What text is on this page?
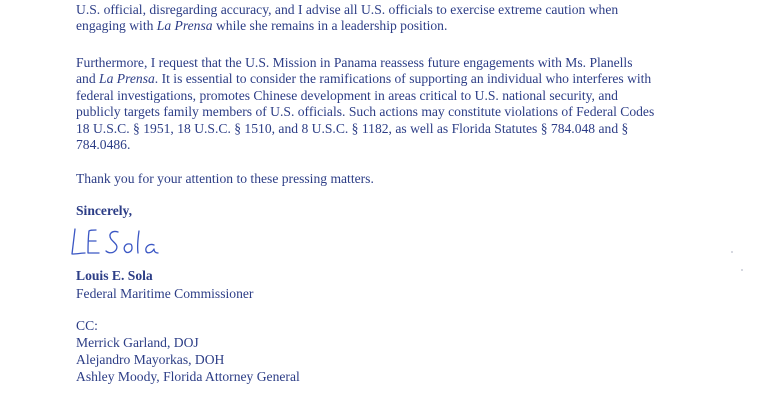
U.S. official, disregarding accuracy, and I advise all U.S. officials to exercise extreme caution when
engaging with La Prensa while she remains in a leadership position.

Furthermore, I request that the U.S. Mission in Panama reassess future engagements with Ms. Planells
and La Prensa. It is essential to consider the ramifications of supporting an individual who interferes with
federal investigations, promotes Chinese development in areas critical to U.S. national security, and
publicly targets family members of U.S. officials. Such actions may constitute violations of Federal Codes
18 U.S.C. § 1951, 18 U.S.C. § 1510, and 8 U.S.C. § 1182, as well as Florida Statutes § 784.048 and §
784.0486.

Thank you for your attention to these pressing matters.

Sincerely,

Louis E. Sola

Federal Maritime Commissioner

CC:

Merrick Garland, DOJ
Alejandro Mayorkas, DOH
Ashley Moody, Florida Attorney General
